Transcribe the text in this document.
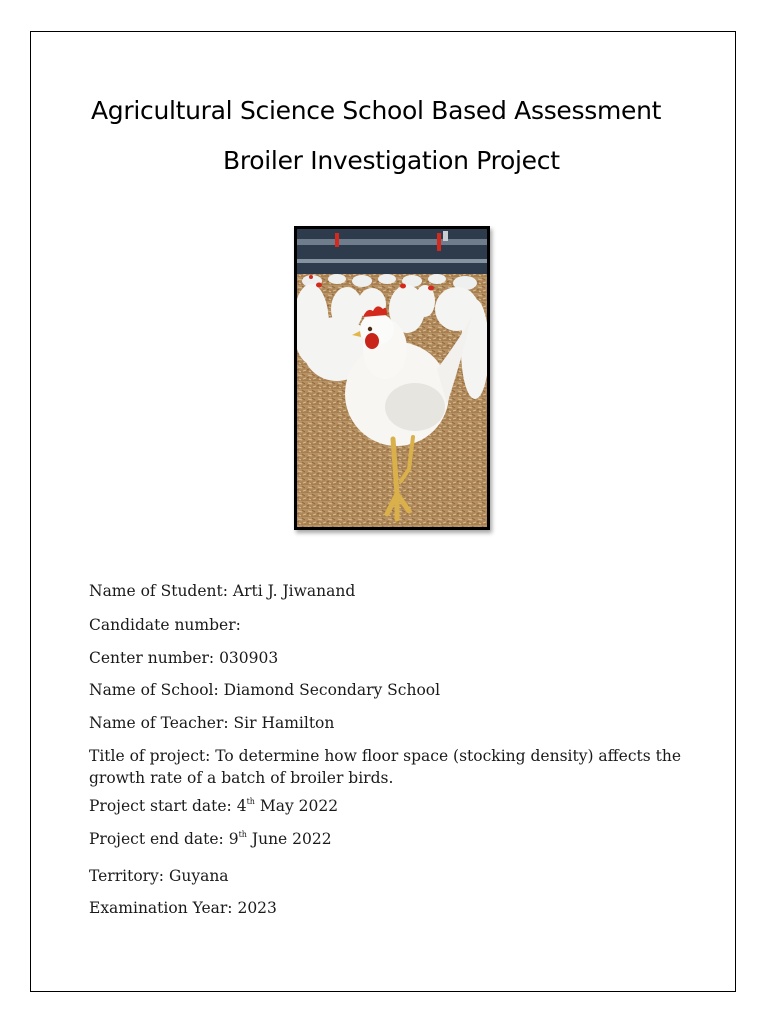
Agricultural Science School Based Assessment
Broiler Investigation Project
Name of Student: Arti J. Jiwanand
Candidate number:
Center number: 030903
Name of School: Diamond Secondary School
Name of Teacher: Sir Hamilton
Title of project: To determine how floor space (stocking density) affects the growth rate of a batch of broiler birds.
Project start date: 4th May 2022
Project end date: 9th June 2022
Territory: Guyana
Examination Year: 2023
